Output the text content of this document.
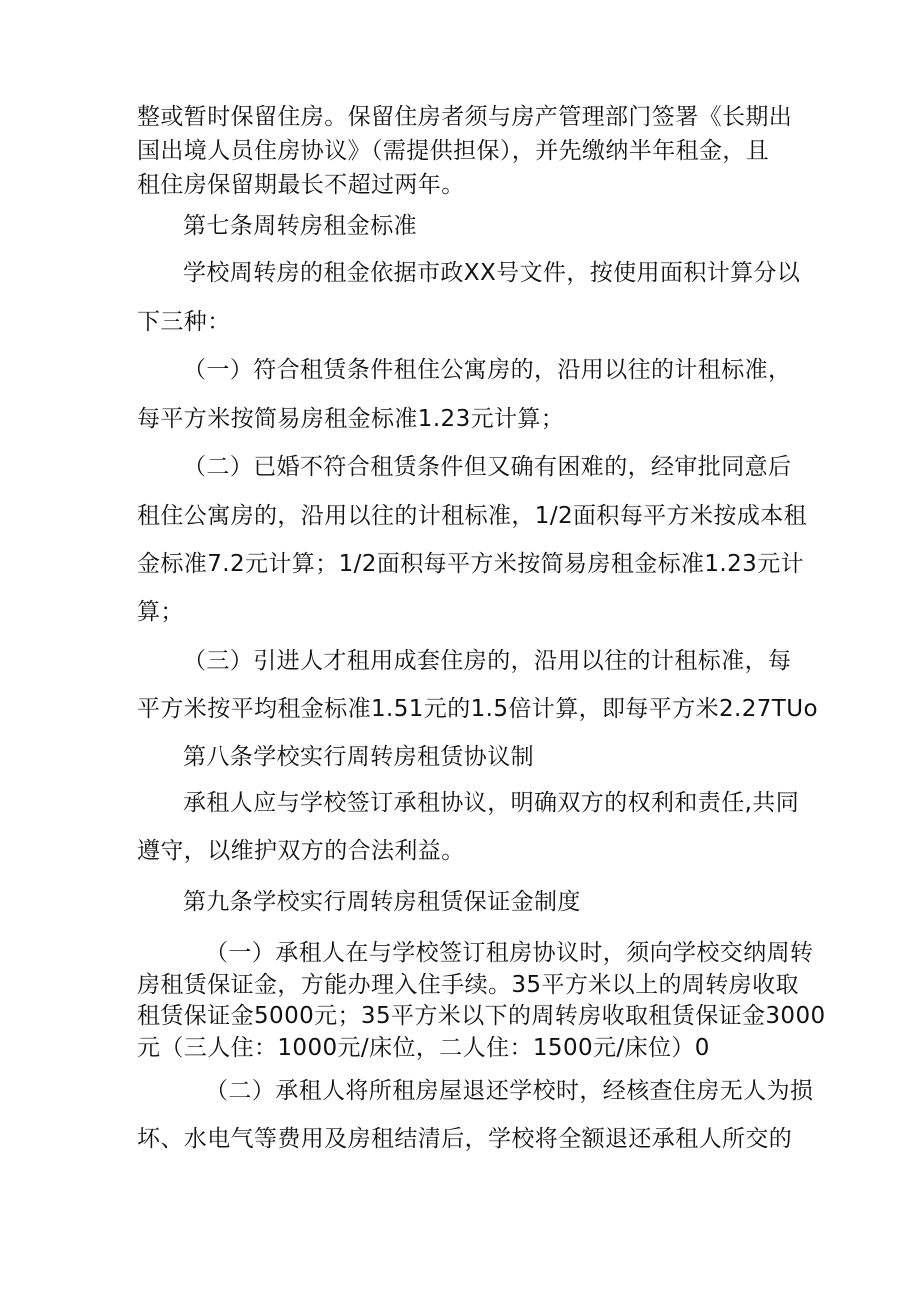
整或暂时保留住房。保留住房者须与房产管理部门签署《长期出
国出境人员住房协议》（需提供担保），并先缴纳半年租金，且
租住房保留期最长不超过两年。
第七条周转房租金标准
学校周转房的租金依据市政XX号文件，按使用面积计算分以
下三种：
（一）符合租赁条件租住公寓房的，沿用以往的计租标准，
每平方米按简易房租金标准1.23元计算；
（二）已婚不符合租赁条件但又确有困难的，经审批同意后
租住公寓房的，沿用以往的计租标准，1/2面积每平方米按成本租
金标准7.2元计算；1/2面积每平方米按简易房租金标准1.23元计
算；
（三）引进人才租用成套住房的，沿用以往的计租标准，每
平方米按平均租金标准1.51元的1.5倍计算，即每平方米2.27TUo
第八条学校实行周转房租赁协议制
承租人应与学校签订承租协议，明确双方的权利和责任,共同
遵守，以维护双方的合法利益。
第九条学校实行周转房租赁保证金制度
（一）承租人在与学校签订租房协议时，须向学校交纳周转
房租赁保证金，方能办理入住手续。35平方米以上的周转房收取
租赁保证金5000元；35平方米以下的周转房收取租赁保证金3000
元（三人住：1000元/床位，二人住：1500元/床位）0
（二）承租人将所租房屋退还学校时，经核查住房无人为损
坏、水电气等费用及房租结清后，学校将全额退还承租人所交的
